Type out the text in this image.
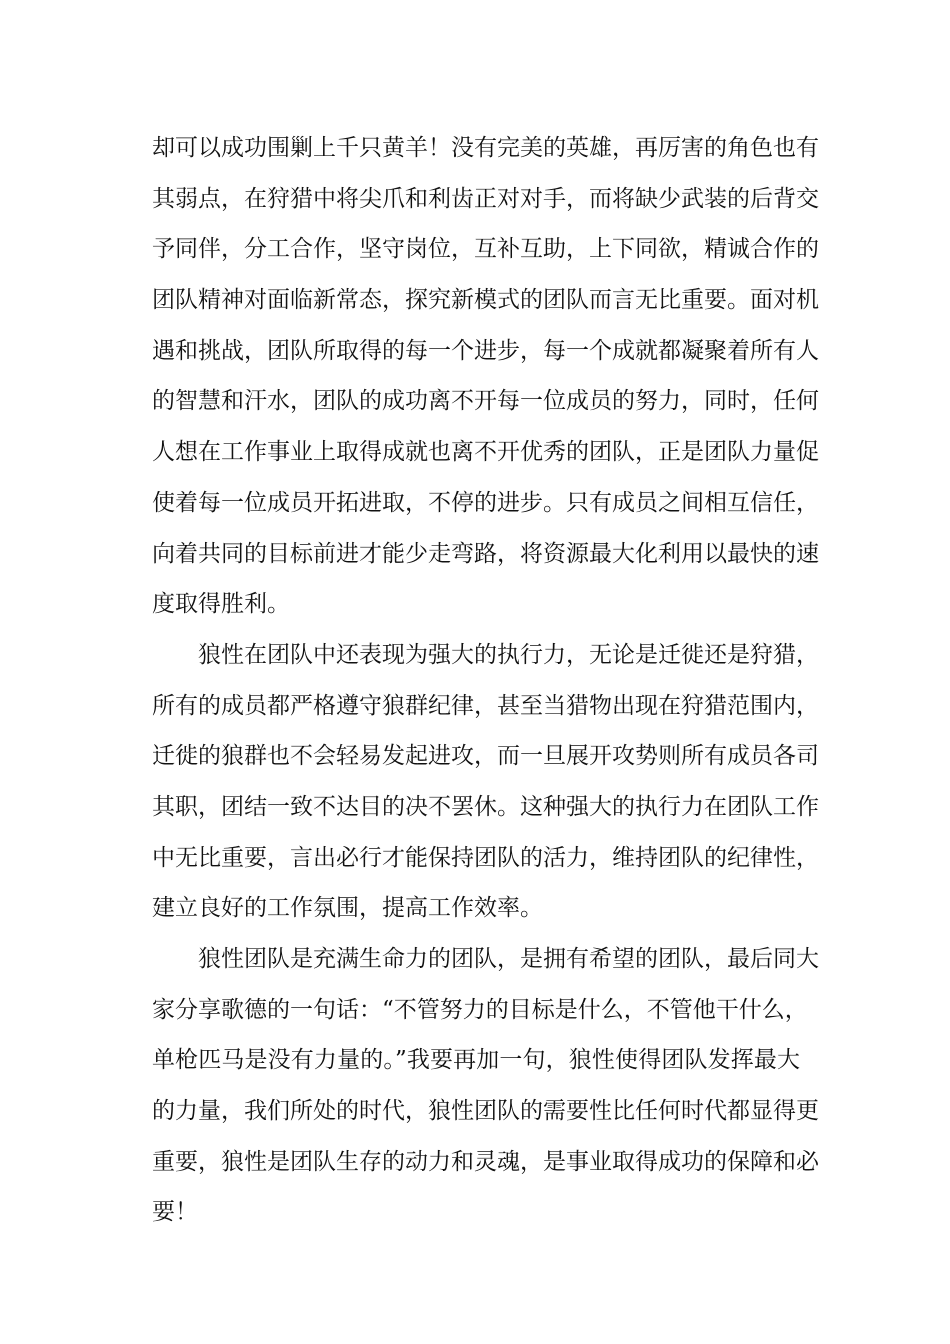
却可以成功围剿上千只黄羊！没有完美的英雄，再厉害的角色也有

其弱点，在狩猎中将尖爪和利齿正对对手，而将缺少武装的后背交

予同伴，分工合作，坚守岗位，互补互助，上下同欲，精诚合作的

团队精神对面临新常态，探究新模式的团队而言无比重要。面对机

遇和挑战，团队所取得的每一个进步，每一个成就都凝聚着所有人

的智慧和汗水，团队的成功离不开每一位成员的努力，同时，任何

人想在工作事业上取得成就也离不开优秀的团队，正是团队力量促

使着每一位成员开拓进取，不停的进步。只有成员之间相互信任，

向着共同的目标前进才能少走弯路，将资源最大化利用以最快的速

度取得胜利。

狼性在团队中还表现为强大的执行力，无论是迁徙还是狩猎，

所有的成员都严格遵守狼群纪律，甚至当猎物出现在狩猎范围内，

迁徙的狼群也不会轻易发起进攻，而一旦展开攻势则所有成员各司

其职，团结一致不达目的决不罢休。这种强大的执行力在团队工作

中无比重要，言出必行才能保持团队的活力，维持团队的纪律性，

建立良好的工作氛围，提高工作效率。

狼性团队是充满生命力的团队，是拥有希望的团队，最后同大

家分享歌德的一句话：“不管努力的目标是什么，不管他干什么，

单枪匹马是没有力量的。”我要再加一句，狼性使得团队发挥最大

的力量，我们所处的时代，狼性团队的需要性比任何时代都显得更

重要，狼性是团队生存的动力和灵魂，是事业取得成功的保障和必

要！
